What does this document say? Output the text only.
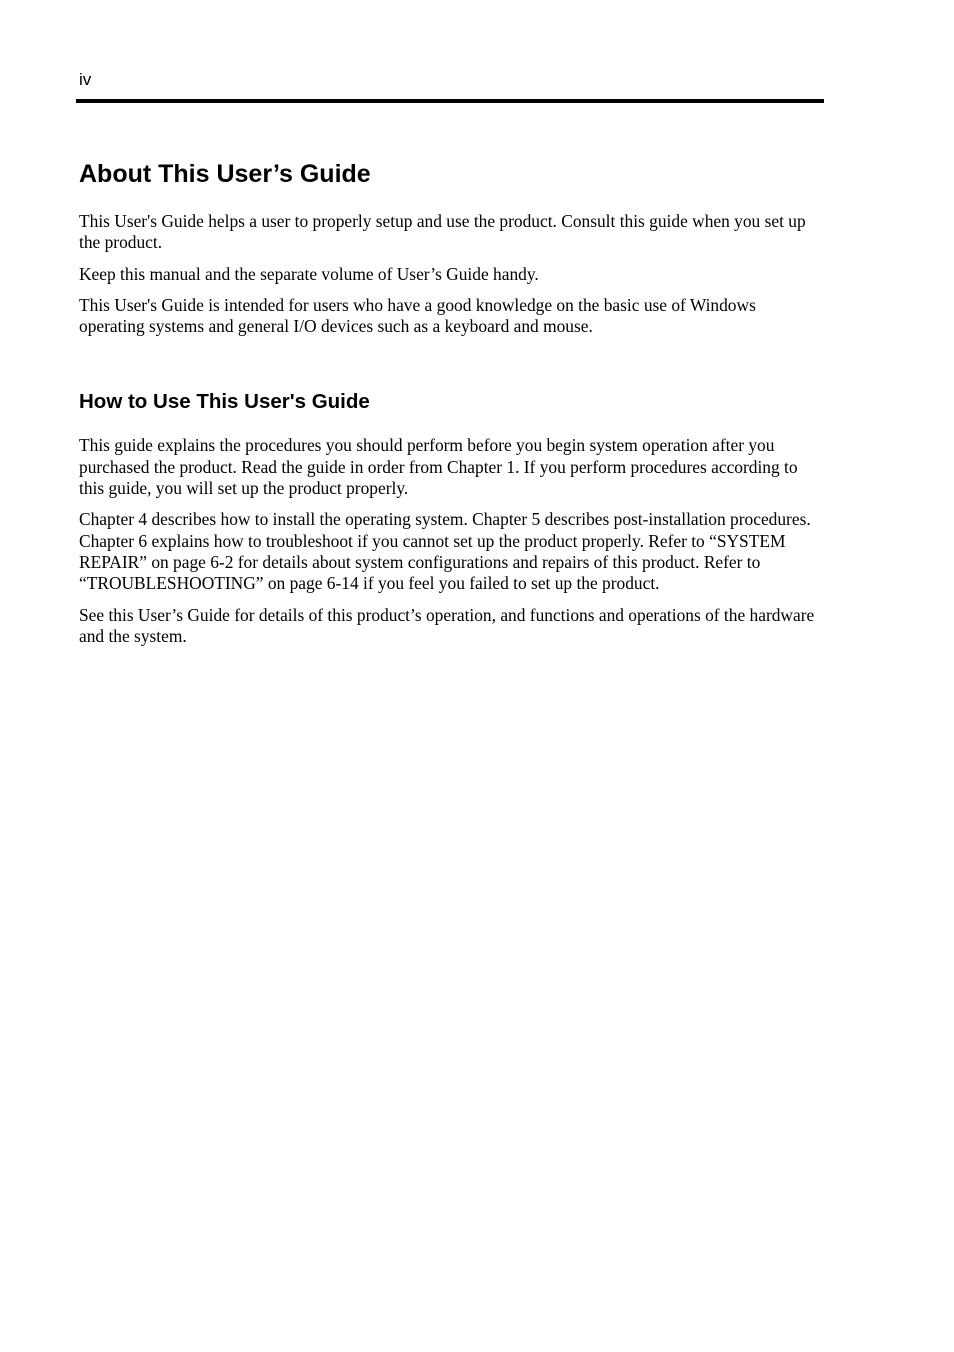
iv
About This User’s Guide

This User's Guide helps a user to properly setup and use the product. Consult this guide when you set up the product.

Keep this manual and the separate volume of User’s Guide handy.

This User's Guide is intended for users who have a good knowledge on the basic use of Windows operating systems and general I/O devices such as a keyboard and mouse.

How to Use This User's Guide

This guide explains the procedures you should perform before you begin system operation after you purchased the product. Read the guide in order from Chapter 1. If you perform procedures according to this guide, you will set up the product properly.

Chapter 4 describes how to install the operating system. Chapter 5 describes post-installation procedures. Chapter 6 explains how to troubleshoot if you cannot set up the product properly. Refer to “SYSTEM REPAIR” on page 6-2 for details about system configurations and repairs of this product. Refer to “TROUBLESHOOTING” on page 6-14 if you feel you failed to set up the product.

See this User’s Guide for details of this product’s operation, and functions and operations of the hardware and the system.
